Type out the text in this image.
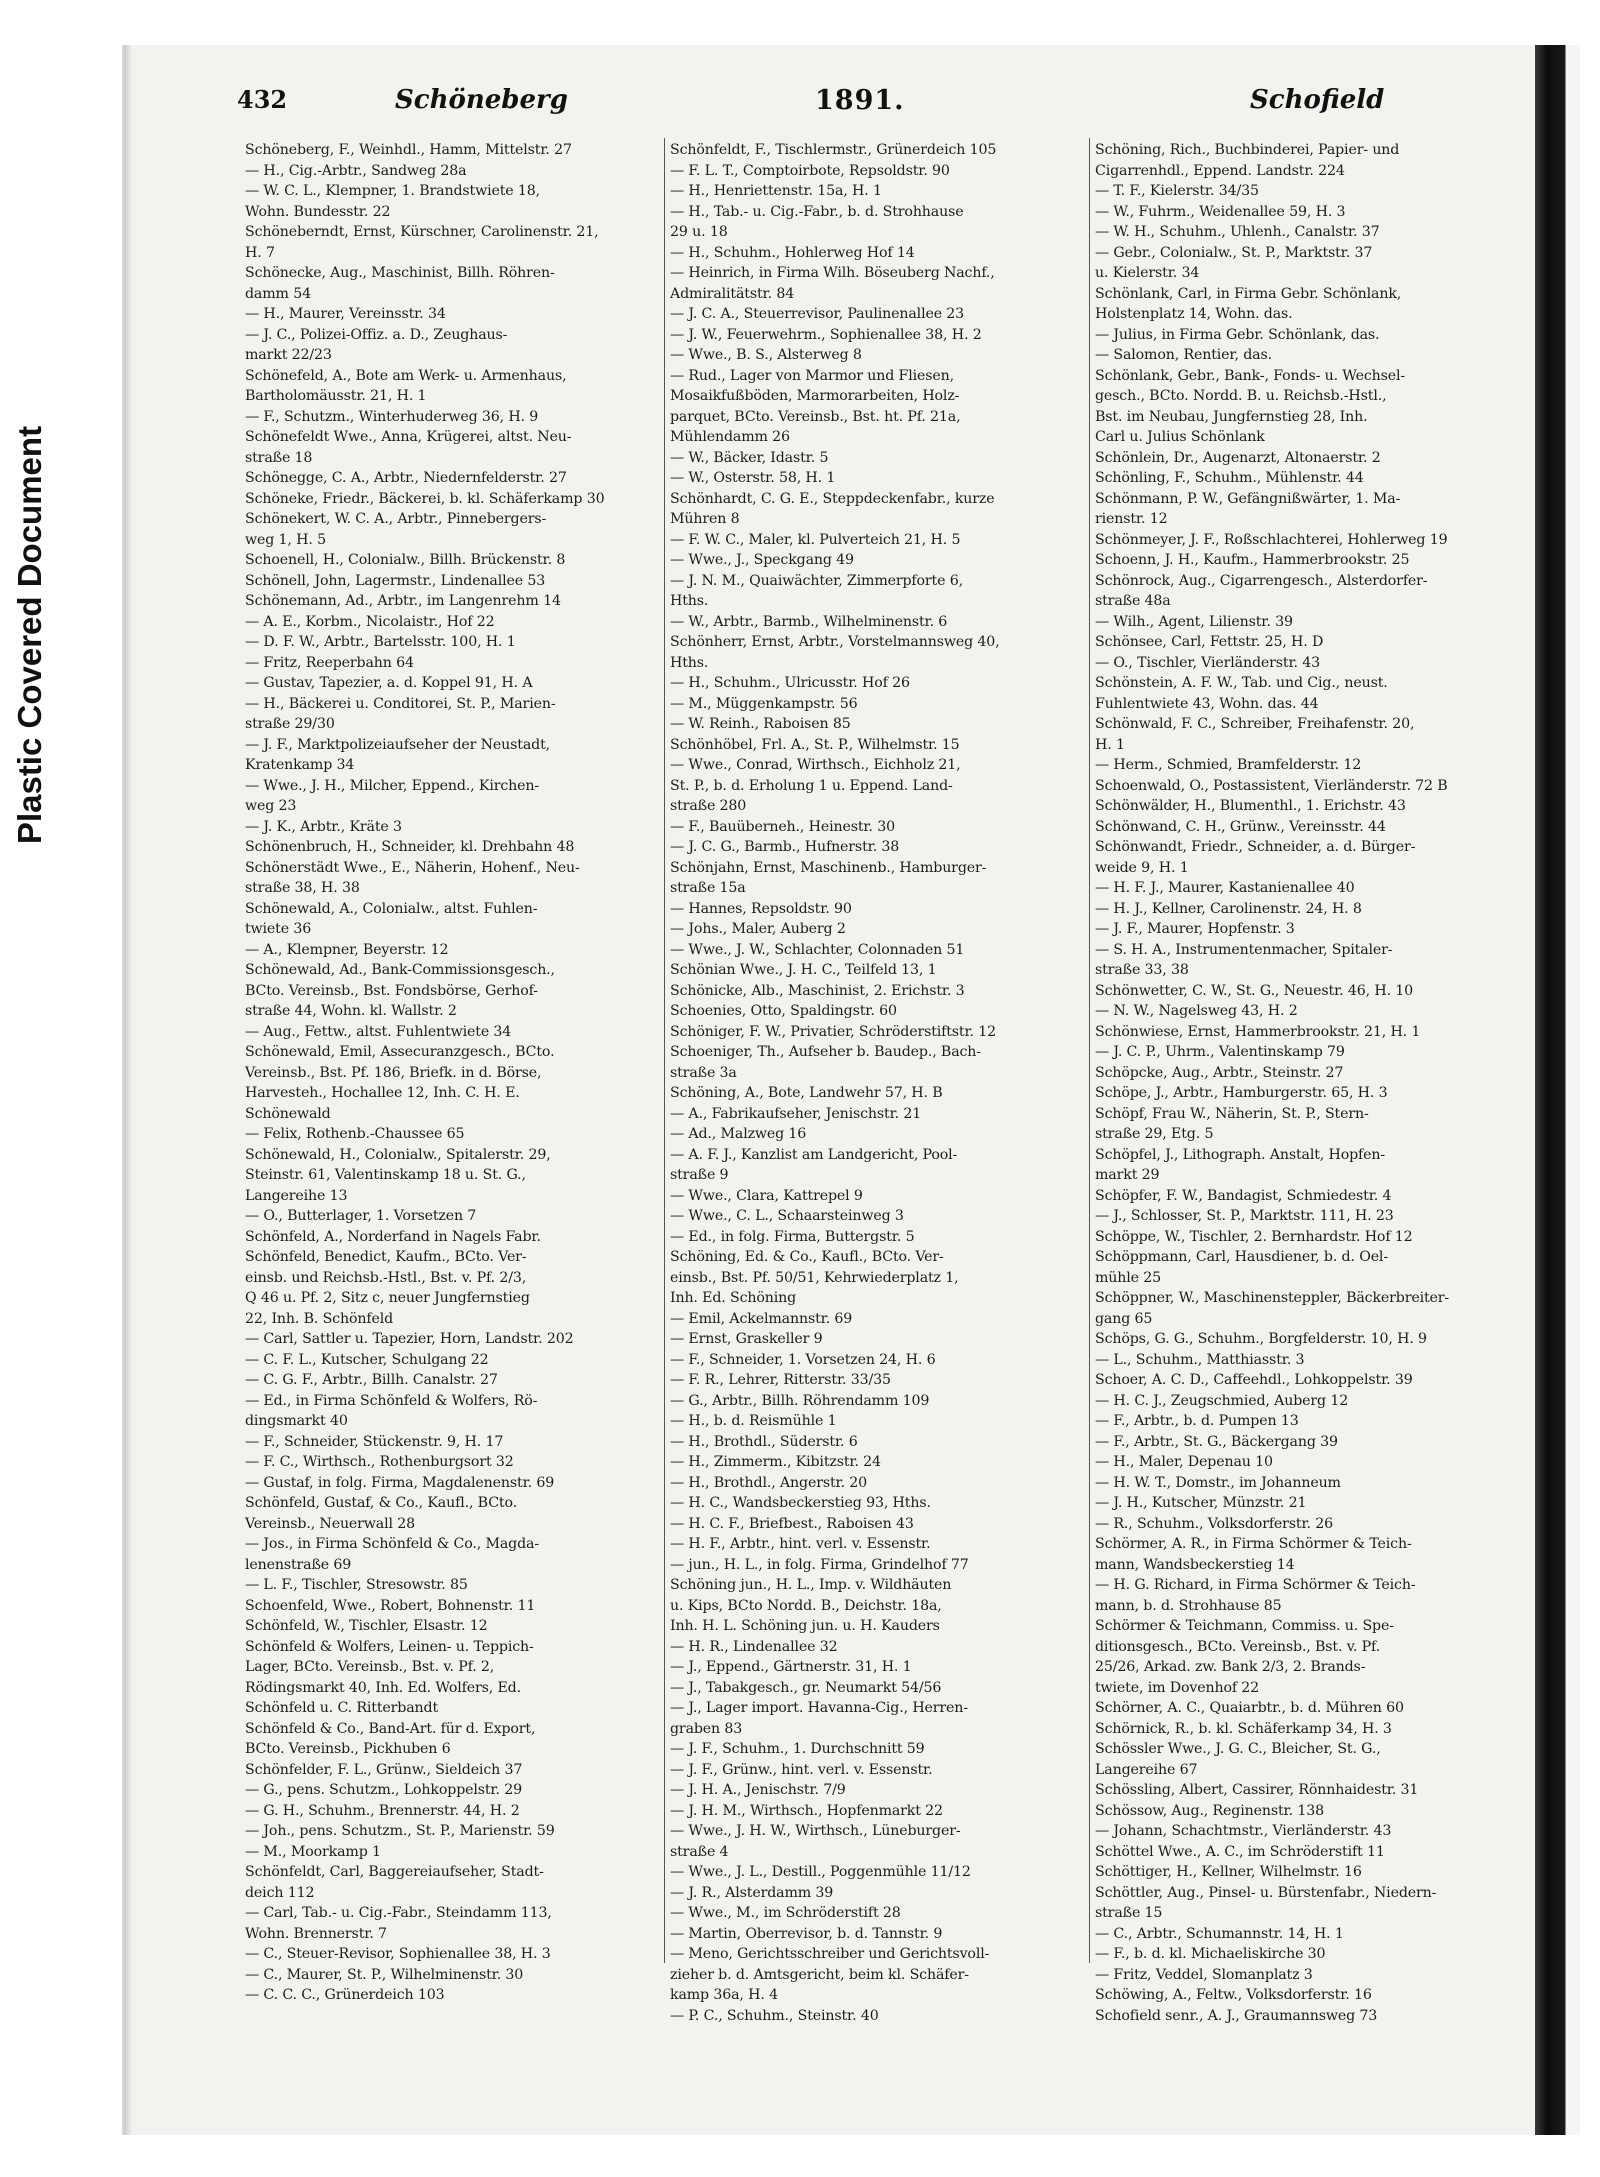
Plastic Covered Document
432	Schöneberg	1891.	Schofield
Schöneberg, F., Weinhdl., Hamm, Mittelstr. 27
— H., Cig.-Arbtr., Sandweg 28a
— W. C. L., Klempner, 1. Brandstwiete 18,
Wohn. Bundesstr. 22
Schöneberndt, Ernst, Kürschner, Carolinenstr. 21,
H. 7
Schönecke, Aug., Maschinist, Billh. Röhren-
damm 54
— H., Maurer, Vereinsstr. 34
— J. C., Polizei-Offiz. a. D., Zeughaus-
markt 22/23
Schönefeld, A., Bote am Werk- u. Armenhaus,
Bartholomäusstr. 21, H. 1
— F., Schutzm., Winterhuderweg 36, H. 9
Schönefeldt Wwe., Anna, Krügerei, altst. Neu-
straße 18
Schönegge, C. A., Arbtr., Niedernfelderstr. 27
Schöneke, Friedr., Bäckerei, b. kl. Schäferkamp 30
Schönekert, W. C. A., Arbtr., Pinnebergers-
weg 1, H. 5
Schoenell, H., Colonialw., Billh. Brückenstr. 8
Schönell, John, Lagermstr., Lindenallee 53
Schönemann, Ad., Arbtr., im Langenrehm 14
— A. E., Korbm., Nicolaistr., Hof 22
— D. F. W., Arbtr., Bartelsstr. 100, H. 1
— Fritz, Reeperbahn 64
— Gustav, Tapezier, a. d. Koppel 91, H. A
— H., Bäckerei u. Conditorei, St. P., Marien-
straße 29/30
— J. F., Marktpolizeiaufseher der Neustadt,
Kratenkamp 34
— Wwe., J. H., Milcher, Eppend., Kirchen-
weg 23
— J. K., Arbtr., Kräte 3
Schönenbruch, H., Schneider, kl. Drehbahn 48
Schönerstädt Wwe., E., Näherin, Hohenf., Neu-
straße 38, H. 38
Schönewald, A., Colonialw., altst. Fuhlen-
twiete 36
— A., Klempner, Beyerstr. 12
Schönewald, Ad., Bank-Commissionsgesch.,
BCto. Vereinsb., Bst. Fondsbörse, Gerhof-
straße 44, Wohn. kl. Wallstr. 2
— Aug., Fettw., altst. Fuhlentwiete 34
Schönewald, Emil, Assecuranzgesch., BCto.
Vereinsb., Bst. Pf. 186, Briefk. in d. Börse,
Harvestеh., Hochallee 12, Inh. C. H. E.
Schönewald
— Felix, Rothenb.-Chaussee 65
Schönewald, H., Colonialw., Spitalerstr. 29,
Steinstr. 61, Valentinskamp 18 u. St. G.,
Langereihe 13
— O., Butterlager, 1. Vorsetzen 7
Schönfeld, A., Norderfand in Nagels Fabr.
Schönfeld, Benedict, Kaufm., BCto. Ver-
einsb. und Reichsb.-Hstl., Bst. v. Pf. 2/3,
Q 46 u. Pf. 2, Sitz c, neuer Jungfernstieg
22, Inh. B. Schönfeld
— Carl, Sattler u. Tapezier, Horn, Landstr. 202
— C. F. L., Kutscher, Schulgang 22
— C. G. F., Arbtr., Billh. Canalstr. 27
— Ed., in Firma Schönfeld & Wolfers, Rö-
dingsmarkt 40
— F., Schneider, Stückenstr. 9, H. 17
— F. C., Wirthsch., Rothenburgsort 32
— Gustaf, in folg. Firma, Magdalenenstr. 69
Schönfeld, Gustaf, & Co., Kaufl., BCto.
Vereinsb., Neuerwall 28
— Jos., in Firma Schönfeld & Co., Magda-
lenenstraße 69
— L. F., Tischler, Stresowstr. 85
Schoenfeld, Wwe., Robert, Bohnenstr. 11
Schönfeld, W., Tischler, Elsastr. 12
Schönfeld & Wolfers, Leinen- u. Teppich-
Lager, BCto. Vereinsb., Bst. v. Pf. 2,
Rödingsmarkt 40, Inh. Ed. Wolfers, Ed.
Schönfeld u. C. Ritterbandt
Schönfeld & Co., Band-Art. für d. Export,
BCto. Vereinsb., Pickhuben 6
Schönfelder, F. L., Grünw., Sieldeich 37
— G., pens. Schutzm., Lohkoppelstr. 29
— G. H., Schuhm., Brennerstr. 44, H. 2
— Joh., pens. Schutzm., St. P., Marienstr. 59
— M., Moorkamp 1
Schönfeldt, Carl, Baggereiaufseher, Stadt-
deich 112
— Carl, Tab.- u. Cig.-Fabr., Steindamm 113,
Wohn. Brennerstr. 7
— C., Steuer-Revisor, Sophienallee 38, H. 3
— C., Maurer, St. P., Wilhelminenstr. 30
— C. C. C., Grünerdeich 103
Schönfeldt, F., Tischlermstr., Grünerdeich 105
— F. L. T., Comptoirbote, Repsoldstr. 90
— H., Henriettenstr. 15a, H. 1
— H., Tab.- u. Cig.-Fabr., b. d. Strohhause
29 u. 18
— H., Schuhm., Hohlerweg Hof 14
— Heinrich, in Firma Wilh. Böseuberg Nachf.,
Admiralitätstr. 84
— J. C. A., Steuerrevisor, Paulinenallee 23
— J. W., Feuerwehrm., Sophienallee 38, H. 2
— Wwe., B. S., Alsterweg 8
— Rud., Lager von Marmor und Fliesen,
Mosaikfußböden, Marmorarbeiten, Holz-
parquet, BCto. Vereinsb., Bst. ht. Pf. 21a,
Mühlendamm 26
— W., Bäcker, Idastr. 5
— W., Osterstr. 58, H. 1
Schönhardt, C. G. E., Steppdeckenfabr., kurze
Mühren 8
— F. W. C., Maler, kl. Pulverteich 21, H. 5
— Wwe., J., Speckgang 49
— J. N. M., Quaiwächter, Zimmerpforte 6,
Hths.
— W., Arbtr., Barmb., Wilhelminenstr. 6
Schönherr, Ernst, Arbtr., Vorstelmannsweg 40,
Hths.
— H., Schuhm., Ulricusstr. Hof 26
— M., Müggenkampstr. 56
— W. Reinh., Raboisen 85
Schönhöbel, Frl. A., St. P., Wilhelmstr. 15
— Wwe., Conrad, Wirthsch., Eichholz 21,
St. P., b. d. Erholung 1 u. Eppend. Land-
straße 280
— F., Bauüberneh., Heinestr. 30
— J. C. G., Barmb., Hufnerstr. 38
Schönjahn, Ernst, Maschinenb., Hamburger-
straße 15a
— Hannes, Repsoldstr. 90
— Johs., Maler, Auberg 2
— Wwe., J. W., Schlachter, Colonnaden 51
Schönian Wwe., J. H. C., Teilfeld 13, 1
Schönicke, Alb., Maschinist, 2. Erichstr. 3
Schoenies, Otto, Spaldingstr. 60
Schöniger, F. W., Privatier, Schröderstiftstr. 12
Schoeniger, Th., Aufseher b. Baudep., Bach-
straße 3a
Schöning, A., Bote, Landwehr 57, H. B
— A., Fabrikaufseher, Jenischstr. 21
— Ad., Malzweg 16
— A. F. J., Kanzlist am Landgericht, Pool-
straße 9
— Wwe., Clara, Kattrepel 9
— Wwe., C. L., Schaarsteinweg 3
— Ed., in folg. Firma, Buttergstr. 5
Schöning, Ed. & Co., Kaufl., BCto. Ver-
einsb., Bst. Pf. 50/51, Kehrwiederplatz 1,
Inh. Ed. Schöning
— Emil, Ackelmannstr. 69
— Ernst, Graskeller 9
— F., Schneider, 1. Vorsetzen 24, H. 6
— F. R., Lehrer, Ritterstr. 33/35
— G., Arbtr., Billh. Röhrendamm 109
— H., b. d. Reismühle 1
— H., Brothdl., Süderstr. 6
— H., Zimmerm., Kibitzstr. 24
— H., Brothdl., Angerstr. 20
— H. C., Wandsbeckerstieg 93, Hths.
— H. C. F., Briefbest., Raboisen 43
— H. F., Arbtr., hint. verl. v. Essenstr.
— jun., H. L., in folg. Firma, Grindelhof 77
Schöning jun., H. L., Imp. v. Wildhäuten
u. Kips, BCto Nordd. B., Deichstr. 18a,
Inh. H. L. Schöning jun. u. H. Kauders
— H. R., Lindenallee 32
— J., Eppend., Gärtnerstr. 31, H. 1
— J., Tabakgesch., gr. Neumarkt 54/56
— J., Lager import. Havanna-Cig., Herren-
graben 83
— J. F., Schuhm., 1. Durchschnitt 59
— J. F., Grünw., hint. verl. v. Essenstr.
— J. H. A., Jenischstr. 7/9
— J. H. M., Wirthsch., Hopfenmarkt 22
— Wwe., J. H. W., Wirthsch., Lüneburger-
straße 4
— Wwe., J. L., Destill., Poggenmühle 11/12
— J. R., Alsterdamm 39
— Wwe., M., im Schröderstift 28
— Martin, Oberrevisor, b. d. Tannstr. 9
— Meno, Gerichtsschreiber und Gerichtsvoll-
zieher b. d. Amtsgericht, beim kl. Schäfer-
kamp 36a, H. 4
— P. C., Schuhm., Steinstr. 40
Schöning, Rich., Buchbinderei, Papier- und
Cigarrenhdl., Eppend. Landstr. 224
— T. F., Kielerstr. 34/35
— W., Fuhrm., Weidenallee 59, H. 3
— W. H., Schuhm., Uhlenh., Canalstr. 37
— Gebr., Colonialw., St. P., Marktstr. 37
u. Kielerstr. 34
Schönlank, Carl, in Firma Gebr. Schönlank,
Holstenplatz 14, Wohn. das.
— Julius, in Firma Gebr. Schönlank, das.
— Salomon, Rentier, das.
Schönlank, Gebr., Bank-, Fonds- u. Wechsel-
gesch., BCto. Nordd. B. u. Reichsb.-Hstl.,
Bst. im Neubau, Jungfernstieg 28, Inh.
Carl u. Julius Schönlank
Schönlein, Dr., Augenarzt, Altonaerstr. 2
Schönling, F., Schuhm., Mühlenstr. 44
Schönmann, P. W., Gefängnißwärter, 1. Ma-
rienstr. 12
Schönmeyer, J. F., Roßschlachterei, Hohlerweg 19
Schoenn, J. H., Kaufm., Hammerbrookstr. 25
Schönrock, Aug., Cigarrengesch., Alsterdorfer-
straße 48a
— Wilh., Agent, Lilienstr. 39
Schönsee, Carl, Fettstr. 25, H. D
— O., Tischler, Vierländerstr. 43
Schönstein, A. F. W., Tab. und Cig., neust.
Fuhlentwiete 43, Wohn. das. 44
Schönwald, F. C., Schreiber, Freihafenstr. 20,
H. 1
— Herm., Schmied, Bramfelderstr. 12
Schoenwald, O., Postassistent, Vierländerstr. 72 B
Schönwälder, H., Blumenthl., 1. Erichstr. 43
Schönwand, C. H., Grünw., Vereinsstr. 44
Schönwandt, Friedr., Schneider, a. d. Bürger-
weide 9, H. 1
— H. F. J., Maurer, Kastanienallee 40
— H. J., Kellner, Carolinenstr. 24, H. 8
— J. F., Maurer, Hopfenstr. 3
— S. H. A., Instrumentenmacher, Spitaler-
straße 33, 38
Schönwetter, C. W., St. G., Neuestr. 46, H. 10
— N. W., Nagelsweg 43, H. 2
Schönwiese, Ernst, Hammerbrookstr. 21, H. 1
— J. C. P., Uhrm., Valentinskamp 79
Schöpcke, Aug., Arbtr., Steinstr. 27
Schöpe, J., Arbtr., Hamburgerstr. 65, H. 3
Schöpf, Frau W., Näherin, St. P., Stern-
straße 29, Etg. 5
Schöpfel, J., Lithograph. Anstalt, Hopfen-
markt 29
Schöpfer, F. W., Bandagist, Schmiedestr. 4
— J., Schlosser, St. P., Marktstr. 111, H. 23
Schöppe, W., Tischler, 2. Bernhardstr. Hof 12
Schöppmann, Carl, Hausdiener, b. d. Oel-
mühle 25
Schöppner, W., Maschinensteppler, Bäckerbreiter-
gang 65
Schöps, G. G., Schuhm., Borgfelderstr. 10, H. 9
— L., Schuhm., Matthiasstr. 3
Schoer, A. C. D., Caffeehdl., Lohkoppelstr. 39
— H. C. J., Zeugschmied, Auberg 12
— F., Arbtr., b. d. Pumpen 13
— F., Arbtr., St. G., Bäckergang 39
— H., Maler, Depenau 10
— H. W. T., Domstr., im Johanneum
— J. H., Kutscher, Münzstr. 21
— R., Schuhm., Volksdorferstr. 26
Schörmer, A. R., in Firma Schörmer & Teich-
mann, Wandsbeckerstieg 14
— H. G. Richard, in Firma Schörmer & Teich-
mann, b. d. Strohhause 85
Schörmer & Teichmann, Commiss. u. Spe-
ditionsgesch., BCto. Vereinsb., Bst. v. Pf.
25/26, Arkad. zw. Bank 2/3, 2. Brands-
twiete, im Dovenhof 22
Schörner, A. C., Quaiarbtr., b. d. Mühren 60
Schörnick, R., b. kl. Schäferkamp 34, H. 3
Schössler Wwe., J. G. C., Bleicher, St. G.,
Langereihe 67
Schössling, Albert, Cassirer, Rönnhaidestr. 31
Schössow, Aug., Reginenstr. 138
— Johann, Schachtmstr., Vierländerstr. 43
Schöttel Wwe., A. C., im Schröderstift 11
Schöttiger, H., Kellner, Wilhelmstr. 16
Schöttler, Aug., Pinsel- u. Bürstenfabr., Niedern-
straße 15
— C., Arbtr., Schumannstr. 14, H. 1
— F., b. d. kl. Michaeliskirche 30
— Fritz, Veddel, Slomanplatz 3
Schöwing, A., Feltw., Volksdorferstr. 16
Schofield senr., A. J., Graumannsweg 73
